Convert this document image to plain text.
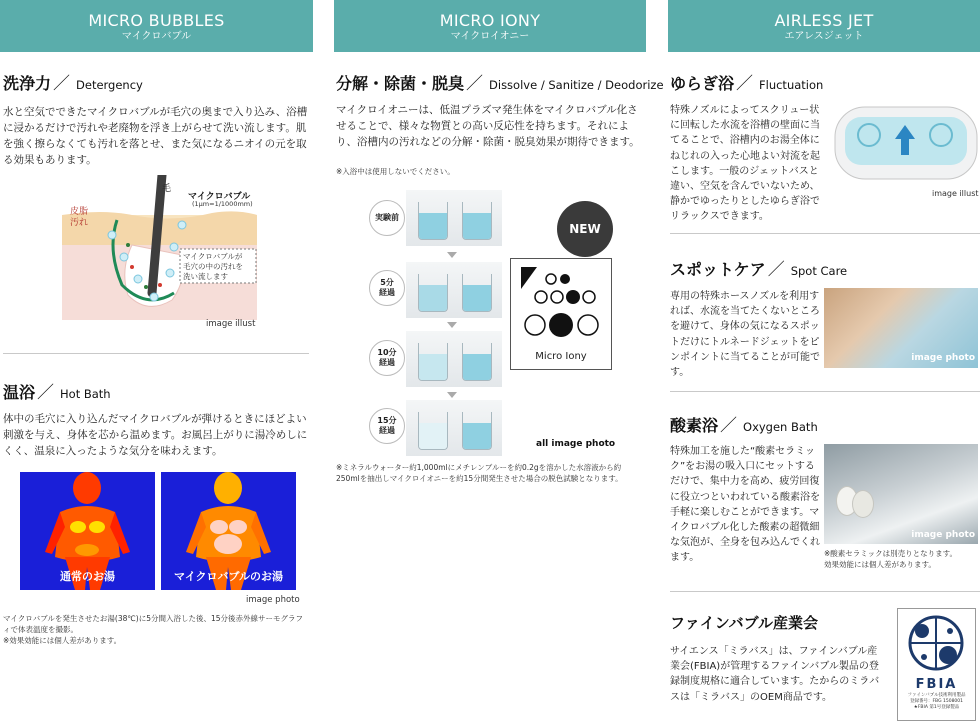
MICRO BUBBLES
マイクロバブル
洗浄力 ／ Detergency
水と空気でできたマイクロバブルが毛穴の奥まで入り込み、浴槽に浸かるだけで汚れや老廃物を浮き上がらせて洗い流します。肌を強く擦らなくても汚れを落とせ、また気になるニオイの元を取る効果もあります。
毛
マイクロバブル
(1μm=1/1000mm)
皮脂
汚れ
マイクロバブルが
毛穴の中の汚れを
洗い流します
image illust
温浴 ／ Hot Bath
体中の毛穴に入り込んだマイクロバブルが弾けるときにほどよい刺激を与え、身体を芯から温めます。お風呂上がりに湯冷めしにくく、温泉に入ったような気分を味わえます。
通常のお湯	マイクロバブルのお湯
image photo
マイクロバブルを発生させたお湯(38℃)に5分間入浴した後、15分後赤外線サーモグラフィで体表温度を撮影。
※効果効能には個人差があります。
MICRO IONY
マイクロイオニー
分解・除菌・脱臭 ／ Dissolve / Sanitize / Deodorize
マイクロイオニーは、低温プラズマ発生体をマイクロバブル化させることで、様々な物質との高い反応性を持ちます。それにより、浴槽内の汚れなどの分解・除菌・脱臭効果が期待できます。
※入浴中は使用しないでください。
実験前
5分
経過
10分
経過
15分
経過
NEW
Micro Iony
all image photo
※ミネラルウォーター約1,000mlにメチレンブルーを約0.2gを溶かした水溶液から約250mlを抽出しマイクロイオニーを約15分間発生させた場合の脱色試験となります。
AIRLESS JET
エアレスジェット
ゆらぎ浴 ／ Fluctuation
特殊ノズルによってスクリュー状に回転した水流を浴槽の壁面に当てることで、浴槽内のお湯全体にねじれの入った心地よい対流を起こします。一般のジェットバスと違い、空気を含んでいないため、静かでゆったりとしたゆらぎ浴でリラックスできます。
image illust
スポットケア ／ Spot Care
専用の特殊ホースノズルを利用すれば、水流を当てたくないところを避けて、身体の気になるスポットだけにトルネードジェットをピンポイントに当てることが可能です。
image photo
酸素浴 ／ Oxygen Bath
特殊加工を施した“酸素セラミック”をお湯の吸入口にセットするだけで、集中力を高め、疲労回復に役立つといわれている酸素浴を手軽に楽しむことができます。マイクロバブル化した酸素の超微細な気泡が、全身を包み込んでくれます。
image photo
※酸素セラミックは別売りとなります。
効果効能には個人差があります。
ファインバブル産業会
サイエンス「ミラバス」は、ファインバブル産業会(FBIA)が管理するファインバブル製品の登録制度規格に適合しています。たからのミラバスは「ミラバス」のOEM商品です。
FBIA
ファインバブル技術利用製品
登録番号：FBG 1508001
★FBIA 第1号登録製品
